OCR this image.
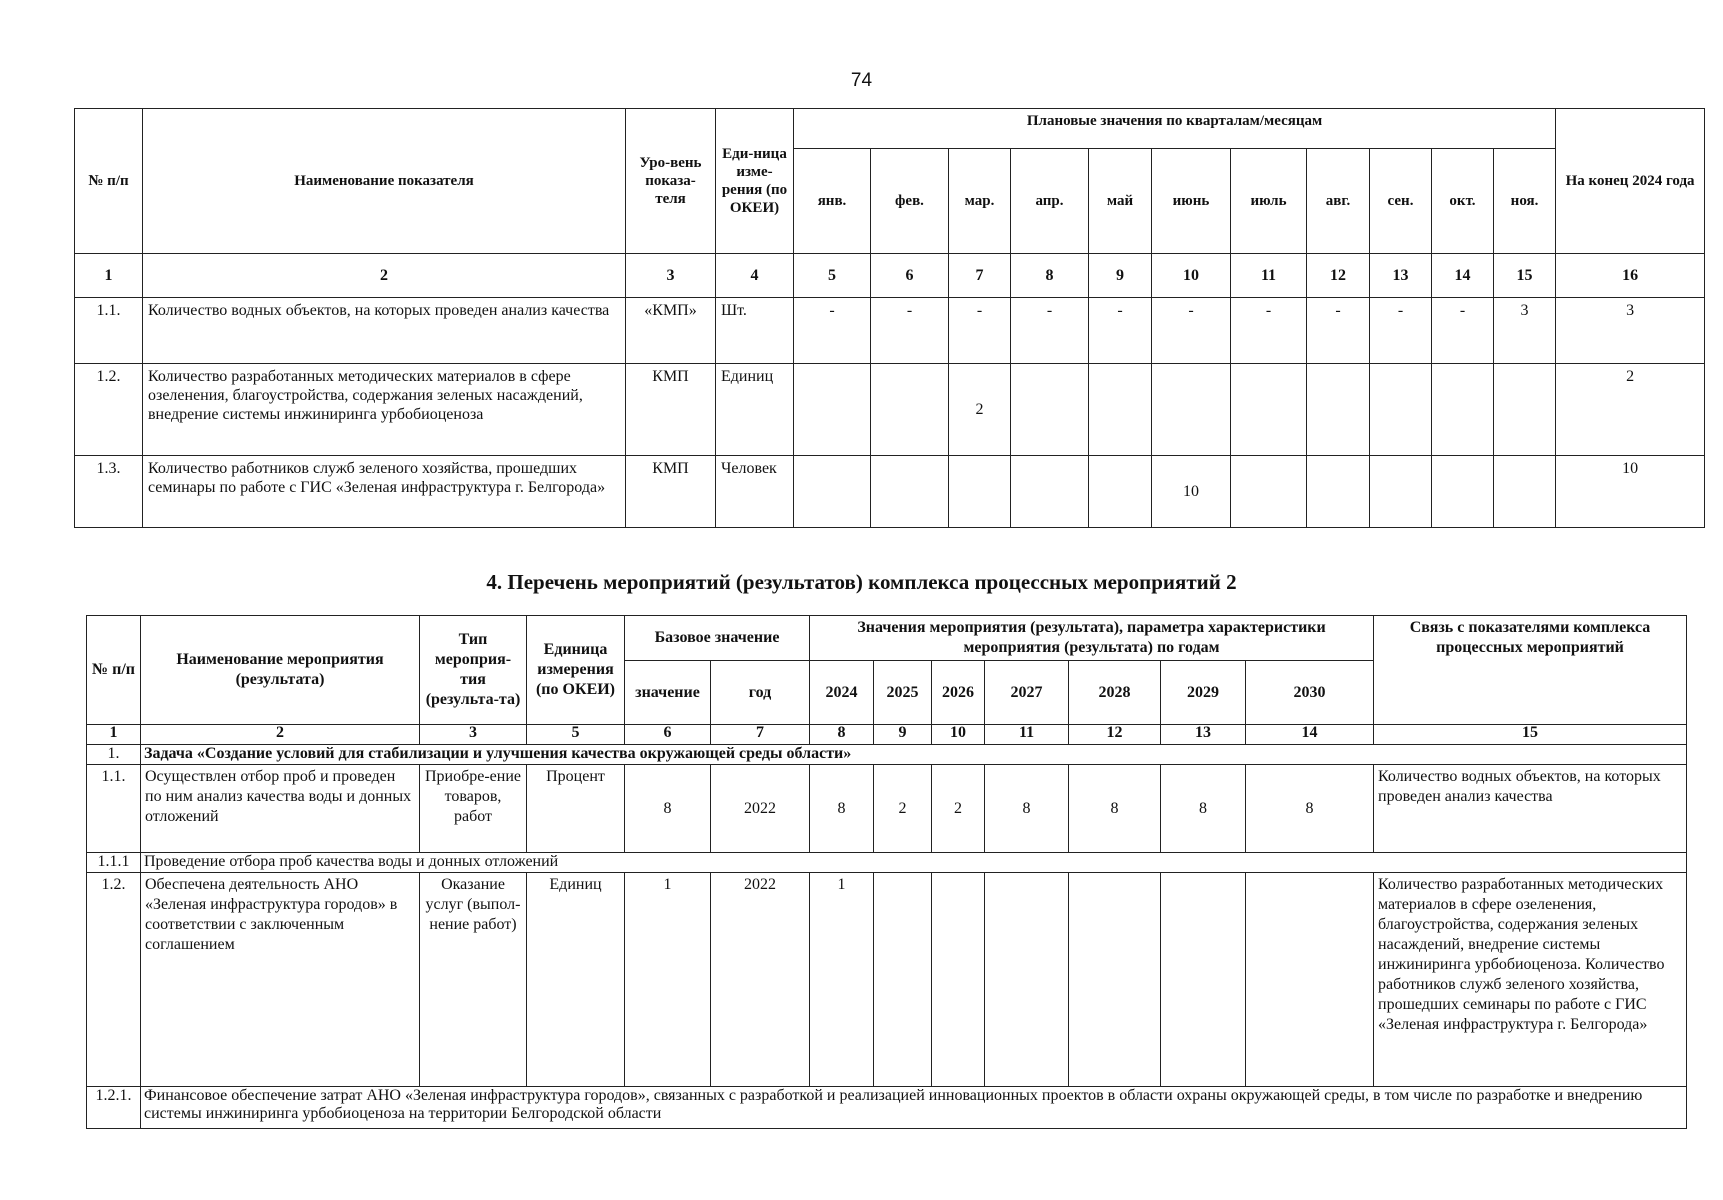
74
№ п/п	Наименование показателя	Уро-вень показа-теля	Еди-ница изме-рения (по ОКЕИ)	Плановые значения по кварталам/месяцам											На конец 2024 года
				янв.	фев.	мар.	апр.	май	июнь	июль	авг.	сен.	окт.	ноя.	
1	2	3	4	5	6	7	8	9	10	11	12	13	14	15	16
1.1.	Количество водных объектов, на которых проведен анализ качества	«КМП»	Шт.	-	-	-	-	-	-	-	-	-	-	3	3
1.2.	Количество разработанных методических материалов в сфере озеленения, благоустройства, содержания зеленых насаждений, внедрение системы инжиниринга урбобиоценоза	КМП	Единиц			2									2
1.3.	Количество работников служб зеленого хозяйства, прошедших семинары по работе с ГИС «Зеленая инфраструктура г. Белгорода»	КМП	Человек						10						10
4. Перечень мероприятий (результатов) комплекса процессных мероприятий 2
№ п/п	Наименование мероприятия (результата)	Тип мероприя-тия (результа-та)	Единица измерения (по ОКЕИ)	Базовое значение		Значения мероприятия (результата), параметра характеристики мероприятия (результата) по годам							Связь с показателями комплекса процессных мероприятий
				значение	год	2024	2025	2026	2027	2028	2029	2030	
1	2	3	5	6	7	8	9	10	11	12	13	14	15
1.	Задача «Создание условий для стабилизации и улучшения качества окружающей среды области»												
1.1.	Осуществлен отбор проб и проведен по ним анализ качества воды и донных отложений	Приобре-ение товаров, работ	Процент	8	2022	8	2	2	8	8	8	8	Количество водных объектов, на которых проведен анализ качества
1.1.1	Проведение отбора проб качества воды и донных отложений												
1.2.	Обеспечена деятельность АНО «Зеленая инфраструктура городов» в соответствии с заключенным соглашением	Оказание услуг (выпол-нение работ)	Единиц	1	2022	1							Количество разработанных методических материалов в сфере озеленения, благоустройства, содержания зеленых насаждений, внедрение системы инжиниринга урбобиоценоза. Количество работников служб зеленого хозяйства, прошедших семинары по работе с ГИС «Зеленая инфраструктура г. Белгорода»
1.2.1.	Финансовое обеспечение затрат АНО «Зеленая инфраструктура городов», связанных с разработкой и реализацией инновационных проектов в области охраны окружающей среды, в том числе по разработке и внедрению системы инжиниринга урбобиоценоза на территории Белгородской области												
